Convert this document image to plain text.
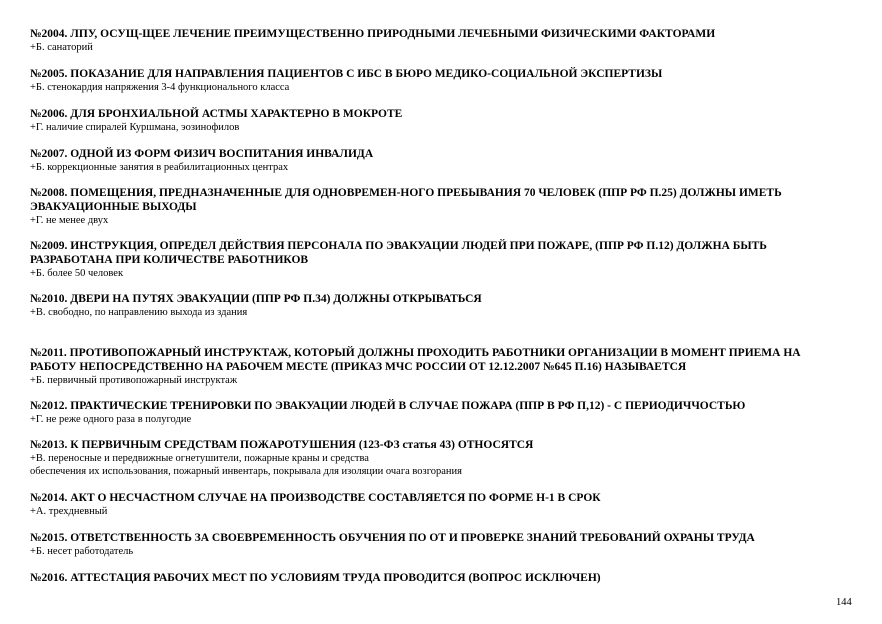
№2004. ЛПУ, ОСУЩ-ЩЕЕ ЛЕЧЕНИЕ ПРЕИМУЩЕСТВЕННО ПРИРОДНЫМИ ЛЕЧЕБНЫМИ ФИЗИЧЕСКИМИ ФАКТОРАМИ

+Б. санаторий

№2005. ПОКАЗАНИЕ ДЛЯ НАПРАВЛЕНИЯ ПАЦИЕНТОВ С ИБС В БЮРО МЕДИКО-СОЦИАЛЬНОЙ ЭКСПЕРТИЗЫ

+Б. стенокардия напряжения 3-4 функционального класса

№2006. ДЛЯ БРОНХИАЛЬНОЙ АСТМЫ ХАРАКТЕРНО В МОКРОТЕ

+Г. наличие спиралей Куршмана, эозинофилов

№2007. ОДНОЙ ИЗ ФОРМ ФИЗИЧ ВОСПИТАНИЯ ИНВАЛИДА

+Б. коррекционные занятия в реабилитационных центрах

№2008. ПОМЕЩЕНИЯ, ПРЕДНАЗНАЧЕННЫЕ ДЛЯ ОДНОВРЕМЕН-НОГО ПРЕБЫВАНИЯ 70 ЧЕЛОВЕК (ППР РФ П.25) ДОЛЖНЫ ИМЕТЬ ЭВАКУАЦИОННЫЕ ВЫХОДЫ

+Г. не менее двух

№2009. ИНСТРУКЦИЯ, ОПРЕДЕЛ ДЕЙСТВИЯ ПЕРСОНАЛА ПО ЭВАКУАЦИИ ЛЮДЕЙ ПРИ ПОЖАРЕ, (ППР РФ П.12) ДОЛЖНА БЫТЬ РАЗРАБОТАНА ПРИ КОЛИЧЕСТВЕ РАБОТНИКОВ

+Б. более 50 человек

№2010. ДВЕРИ НА ПУТЯХ ЭВАКУАЦИИ (ППР РФ П.34) ДОЛЖНЫ ОТКРЫВАТЬСЯ

+В. свободно, по направлению выхода из здания

№2011. ПРОТИВОПОЖАРНЫЙ ИНСТРУКТАЖ, КОТОРЫЙ ДОЛЖНЫ ПРОХОДИТЬ РАБОТНИКИ ОРГАНИЗАЦИИ В МОМЕНТ ПРИЕМА НА РАБОТУ НЕПОСРЕДСТВЕННО НА РАБОЧЕМ МЕСТЕ (ПРИКАЗ МЧС РОССИИ ОТ 12.12.2007 №645 П.16) НАЗЫВАЕТСЯ

+Б. первичный противопожарный инструктаж

№2012. ПРАКТИЧЕСКИЕ ТРЕНИРОВКИ ПО ЭВАКУАЦИИ ЛЮДЕЙ В СЛУЧАЕ ПОЖАРА (ППР В РФ П,12) - С ПЕРИОДИЧЧОСТЬЮ

+Г. не реже одного раза в полугодие

№2013. К ПЕРВИЧНЫМ СРЕДСТВАМ ПОЖАРОТУШЕНИЯ (123-ФЗ статья 43) ОТНОСЯТСЯ

+В. переносные и передвижные огнетушители, пожарные краны и средства

обеспечения их использования, пожарный инвентарь, покрывала для изоляции очага возгорания

№2014. АКТ О НЕСЧАСТНОМ СЛУЧАЕ НА ПРОИЗВОДСТВЕ СОСТАВЛЯЕТСЯ ПО ФОРМЕ Н-1 В СРОК

+А. трехдневный

№2015. ОТВЕТСТВЕННОСТЬ ЗА СВОЕВРЕМЕННОСТЬ ОБУЧЕНИЯ ПО ОТ И ПРОВЕРКЕ ЗНАНИЙ ТРЕБОВАНИЙ ОХРАНЫ ТРУДА

+Б. несет работодатель

№2016. АТТЕСТАЦИЯ РАБОЧИХ МЕСТ ПО УСЛОВИЯМ ТРУДА ПРОВОДИТСЯ (ВОПРОС ИСКЛЮЧЕН)

144
